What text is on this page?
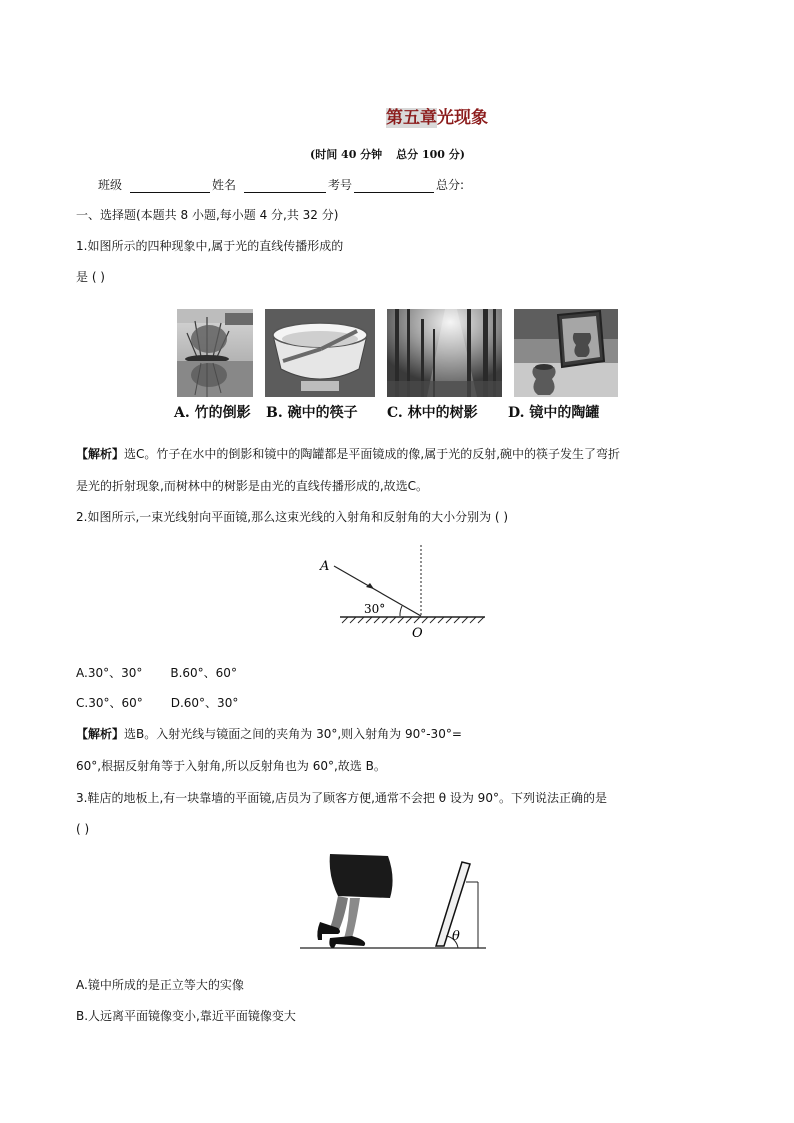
第五章光现象
(时间 40 分钟 总分 100 分)
班级	姓名	考号	总分:
一、选择题(本题共 8 小题,每小题 4 分,共 32 分)
1.如图所示的四种现象中,属于光的直线传播形成的
是 ( )
A. 竹的倒影 B. 碗中的筷子 C. 林中的树影 D. 镜中的陶罐
【解析】选C。竹子在水中的倒影和镜中的陶罐都是平面镜成的像,属于光的反射,碗中的筷子发生了弯折
是光的折射现象,而树林中的树影是由光的直线传播形成的,故选C。
2.如图所示,一束光线射向平面镜,那么这束光线的入射角和反射角的大小分别为 ( )
A
30°
O
A.30°、30° B.60°、60°
C.30°、60° D.60°、30°
【解析】选B。入射光线与镜面之间的夹角为 30°,则入射角为 90°-30°=
60°,根据反射角等于入射角,所以反射角也为 60°,故选 B。
3.鞋店的地板上,有一块靠墙的平面镜,店员为了顾客方便,通常不会把 θ 设为 90°。下列说法正确的是
( )
θ
A.镜中所成的是正立等大的实像
B.人远离平面镜像变小,靠近平面镜像变大
